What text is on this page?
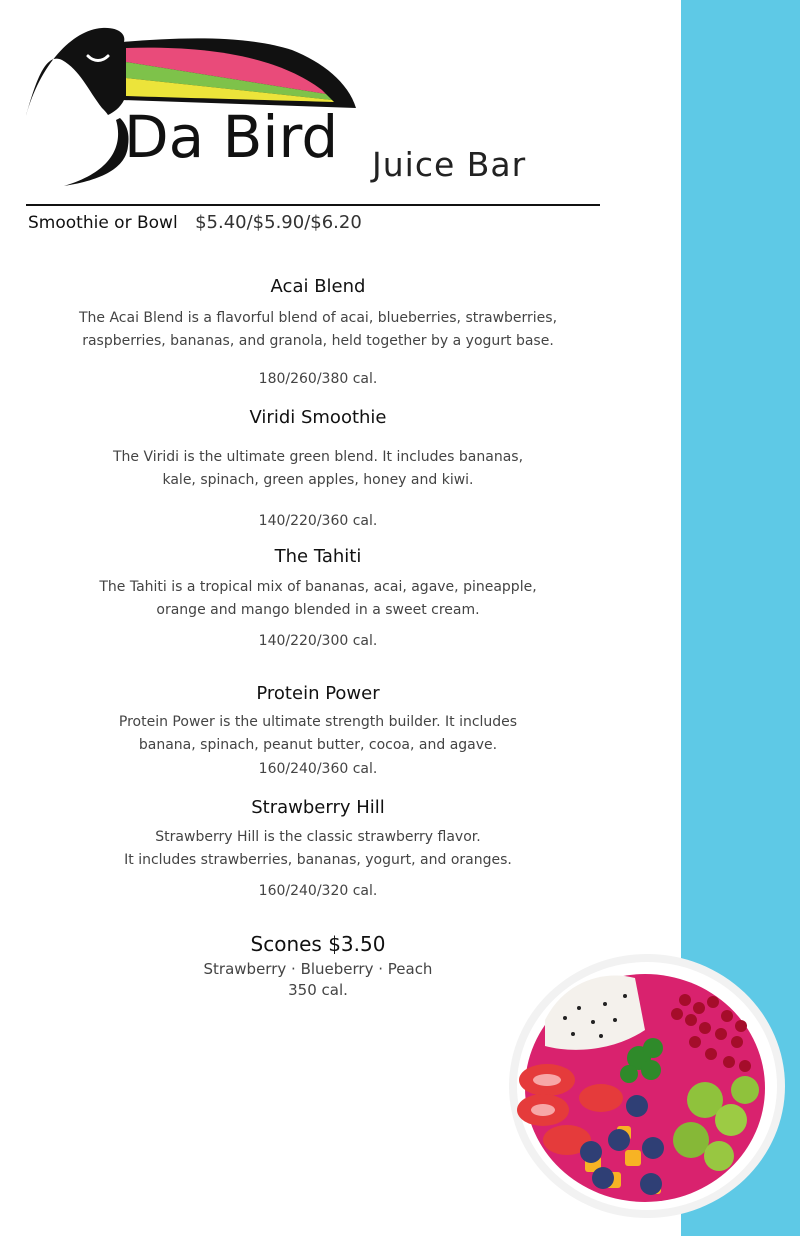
Da Bird Juice Bar
Smoothie or Bowl $5.40/$5.90/$6.20
Acai Blend
The Acai Blend is a flavorful blend of acai, blueberries, strawberries,
raspberries, bananas, and granola, held together by a yogurt base.
180/260/380 cal.
Viridi Smoothie
The Viridi is the ultimate green blend. It includes bananas,
kale, spinach, green apples, honey and kiwi.
140/220/360 cal.
The Tahiti
The Tahiti is a tropical mix of bananas, acai, agave, pineapple,
orange and mango blended in a sweet cream.
140/220/300 cal.
Protein Power
Protein Power is the ultimate strength builder. It includes
banana, spinach, peanut butter, cocoa, and agave.
160/240/360 cal.
Strawberry Hill
Strawberry Hill is the classic strawberry flavor.
It includes strawberries, bananas, yogurt, and oranges.
160/240/320 cal.
Scones $3.50
Strawberry · Blueberry · Peach
350 cal.
